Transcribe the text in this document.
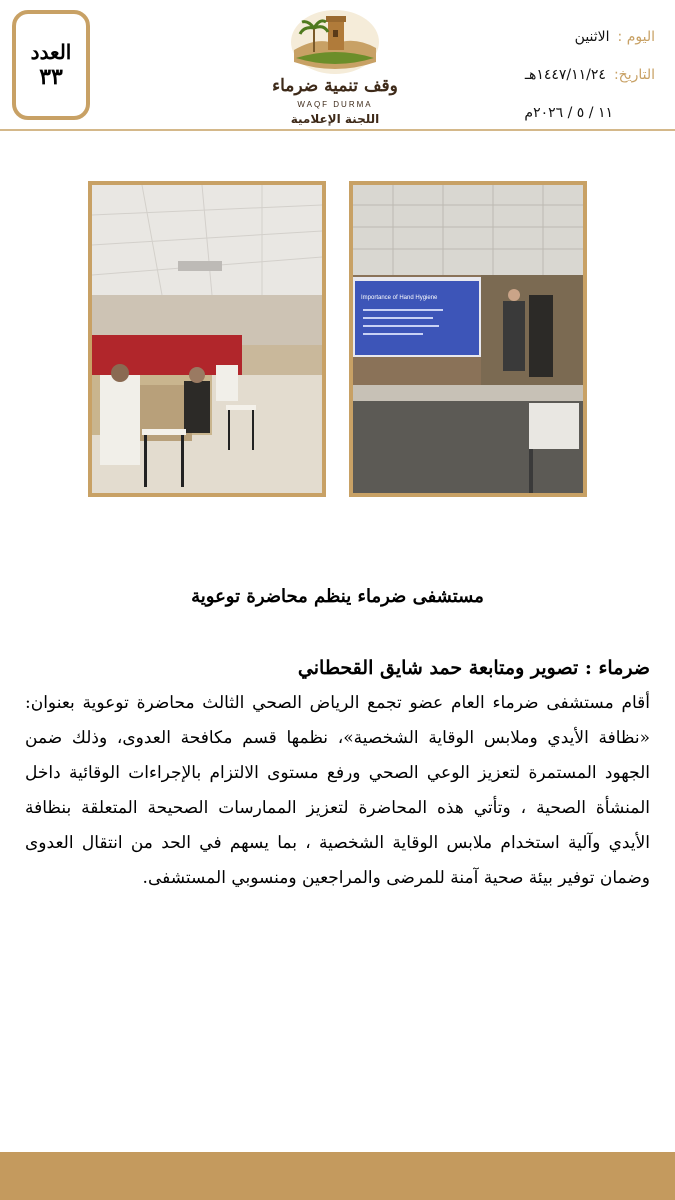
العدد
٣٣	وقف تنمية ضرماء
WAQF DURMA
اللجنة الإعلامية
اليوم :
الاثنين
التاريخ:
١٤٤٧/١١/٢٤هـ
١١ / ٥ / ٢٠٢٦م
Importance of Hand Hygiene
مستشفى ضرماء ينظم محاضرة توعوية
ضرماء : تصوير ومتابعة حمد شايق القحطاني
أقام مستشفى ضرماء العام عضو تجمع الرياض الصحي الثالث محاضرة توعوية بعنوان: «نظافة الأيدي وملابس الوقاية الشخصية»، نظمها قسم مكافحة العدوى، وذلك ضمن الجهود المستمرة لتعزيز الوعي الصحي ورفع مستوى الالتزام بالإجراءات الوقائية داخل المنشأة الصحية ، وتأتي هذه المحاضرة لتعزيز الممارسات الصحيحة المتعلقة بنظافة الأيدي وآلية استخدام ملابس الوقاية الشخصية ، بما يسهم في الحد من انتقال العدوى وضمان توفير بيئة صحية آمنة للمرضى والمراجعين ومنسوبي المستشفى.
